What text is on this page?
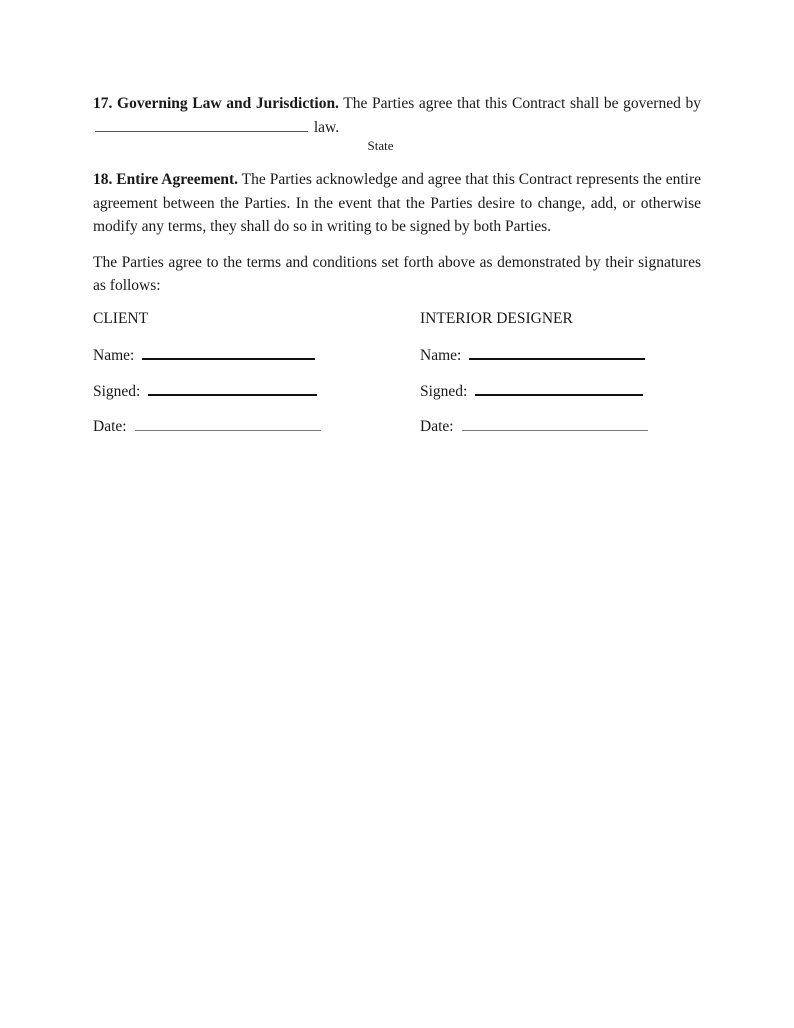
17. Governing Law and Jurisdiction. The Parties agree that this Contract shall be governed by  law.

State

18. Entire Agreement. The Parties acknowledge and agree that this Contract represents the entire agreement between the Parties. In the event that the Parties desire to change, add, or otherwise modify any terms, they shall do so in writing to be signed by both Parties.

The Parties agree to the terms and conditions set forth above as demonstrated by their signatures as follows:

CLIENT	INTERIOR DESIGNER
Name:	Name:
Signed:	Signed:
Date:	Date:
